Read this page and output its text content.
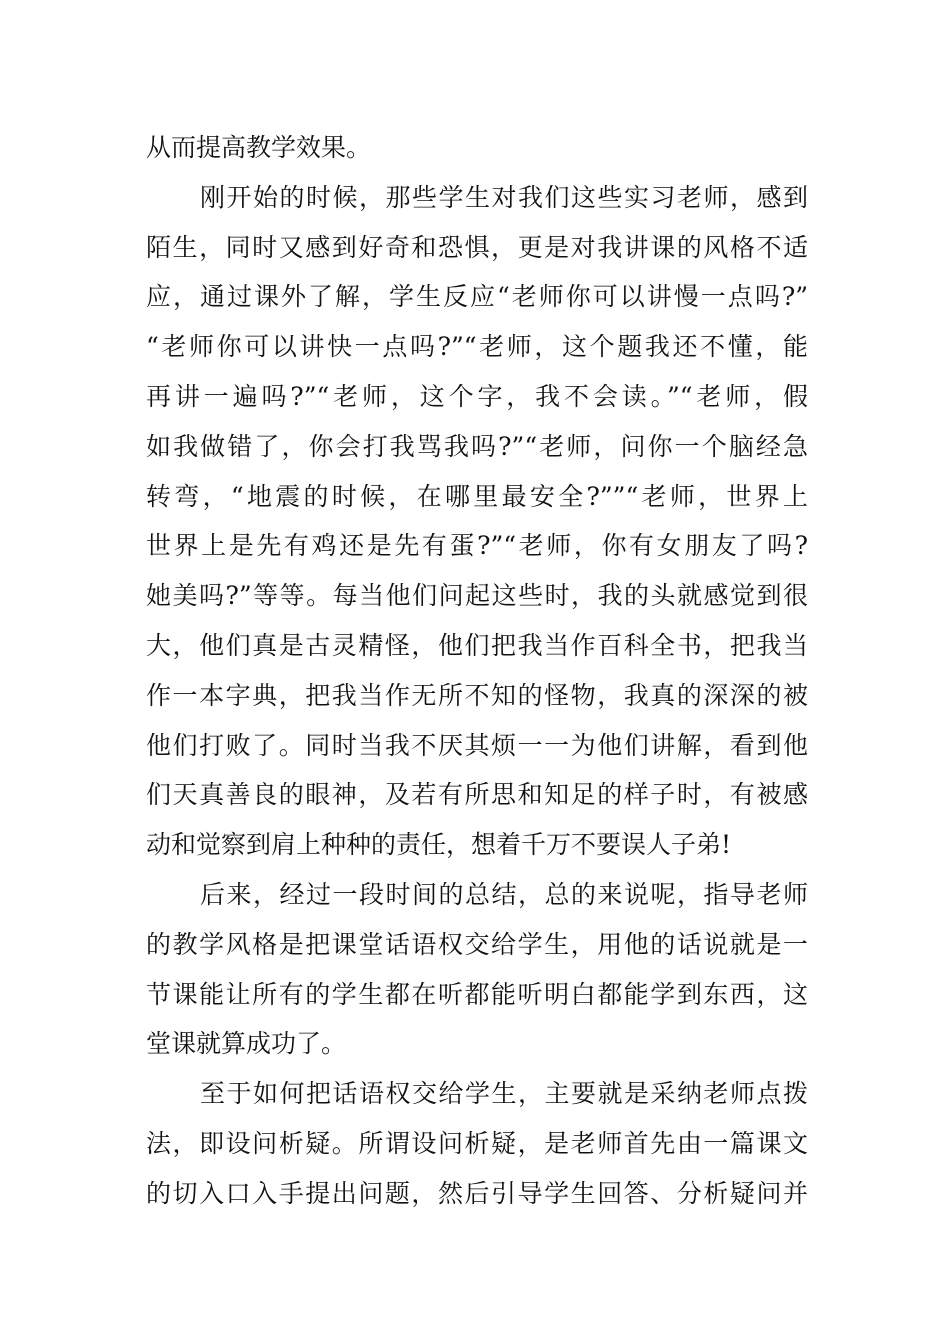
从而提高教学效果。
刚开始的时候，那些学生对我们这些实习老师，感到
陌生，同时又感到好奇和恐惧，更是对我讲课的风格不适
应，通过课外了解，学生反应“老师你可以讲慢一点吗?”
“老师你可以讲快一点吗?”“老师，这个题我还不懂，能
再讲一遍吗?”“老师，这个字，我不会读。”“老师，假
如我做错了，你会打我骂我吗?”“老师，问你一个脑经急
转弯，“地震的时候，在哪里最安全?””“老师，世界上
世界上是先有鸡还是先有蛋?”“老师，你有女朋友了吗?
她美吗?”等等。每当他们问起这些时，我的头就感觉到很
大，他们真是古灵精怪，他们把我当作百科全书，把我当
作一本字典，把我当作无所不知的怪物，我真的深深的被
他们打败了。同时当我不厌其烦一一为他们讲解，看到他
们天真善良的眼神，及若有所思和知足的样子时，有被感
动和觉察到肩上种种的责任，想着千万不要误人子弟!
后来，经过一段时间的总结，总的来说呢，指导老师
的教学风格是把课堂话语权交给学生，用他的话说就是一
节课能让所有的学生都在听都能听明白都能学到东西，这
堂课就算成功了。
至于如何把话语权交给学生，主要就是采纳老师点拨
法，即设问析疑。所谓设问析疑，是老师首先由一篇课文
的切入口入手提出问题，然后引导学生回答、分析疑问并
